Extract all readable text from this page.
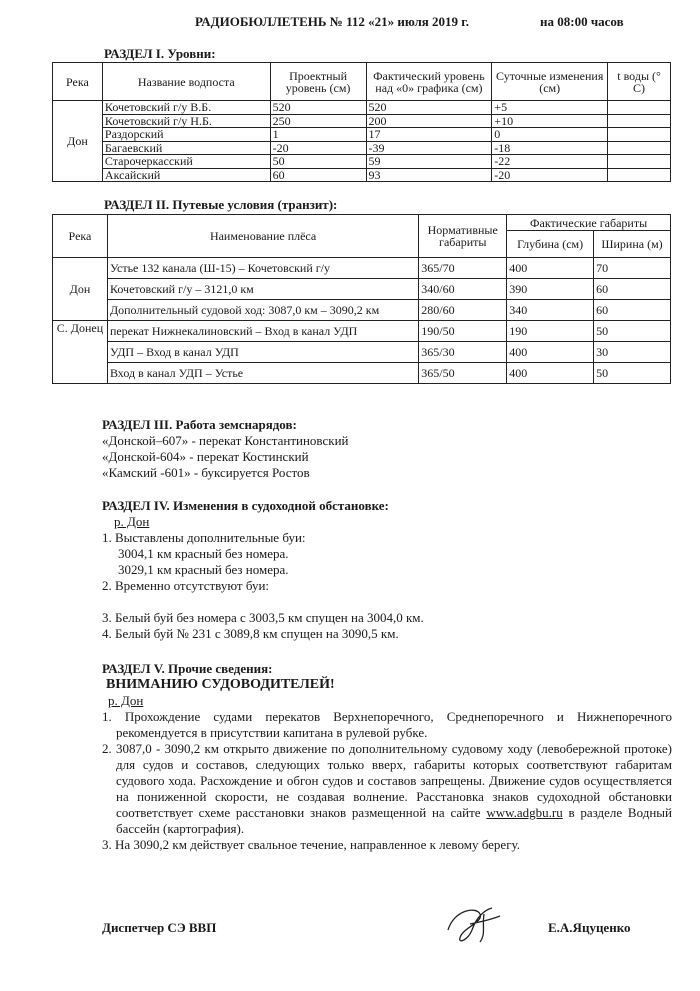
РАДИОБЮЛЛЕТЕНЬ № 112 «21» июля 2019 г.	на 08:00 часов
РАЗДЕЛ I. Уровни:
Река	Название водпоста	Проектный уровень (см)	Фактический уровень над «0» графика (см)	Суточные изменения (см)	t воды (° С)
Дон	Кочетовский г/у В.Б.	520	520	+5	
	Кочетовский г/у Н.Б.	250	200	+10	
	Раздорский	1	17	0	
	Багаевский	-20	-39	-18	
	Старочеркасский	50	59	-22	
	Аксайский	60	93	-20	
РАЗДЕЛ II. Путевые условия (транзит):
Река	Наименование плёса	Нормативные габариты	Фактические габариты	
			Глубина (см)	Ширина (м)
Дон	Устье 132 канала (Ш-15) – Кочетовский г/у	365/70	400	70
	Кочетовский г/у – 3121,0 км	340/60	390	60
	Дополнительный судовой ход: 3087,0 км – 3090,2 км	280/60	340	60
С. Донец	перекат Нижнекалиновский – Вход в канал УДП	190/50	190	50
	УДП – Вход в канал УДП	365/30	400	30
	Вход в канал УДП – Устье	365/50	400	50

РАЗДЕЛ III. Работа земснарядов:

«Донской–607» - перекат Константиновский

«Донской-604» - перекат Костинский

«Камский -601» - буксируется Ростов

РАЗДЕЛ IV. Изменения в судоходной обстановке:

р. Дон

1. Выставлены дополнительные буи:

3004,1 км красный без номера.

3029,1 км красный без номера.

2. Временно отсутствуют буи:

3. Белый буй без номера с 3003,5 км спущен на 3004,0 км.

4. Белый буй № 231 с 3089,8 км спущен на 3090,5 км.

РАЗДЕЛ V. Прочие сведения:

ВНИМАНИЮ СУДОВОДИТЕЛЕЙ!

р. Дон

1. Прохождение судами перекатов Верхнепоречного, Среднепоречного и Нижнепоречного рекомендуется в присутствии капитана в рулевой рубке.

2. 3087,0 - 3090,2 км открыто движение по дополнительному судовому ходу (левобережной протоке) для судов и составов, следующих только вверх, габариты которых соответствуют габаритам судового хода. Расхождение и обгон судов и составов запрещены. Движение судов осуществляется на пониженной скорости, не создавая волнение. Расстановка знаков судоходной обстановки соответствует схеме расстановки знаков размещенной на сайте www.adgbu.ru в разделе Водный бассейн (картография).

3. На 3090,2 км действует свальное течение, направленное к левому берегу.

Диспетчер СЭ ВВП	Е.А.Яцуценко
